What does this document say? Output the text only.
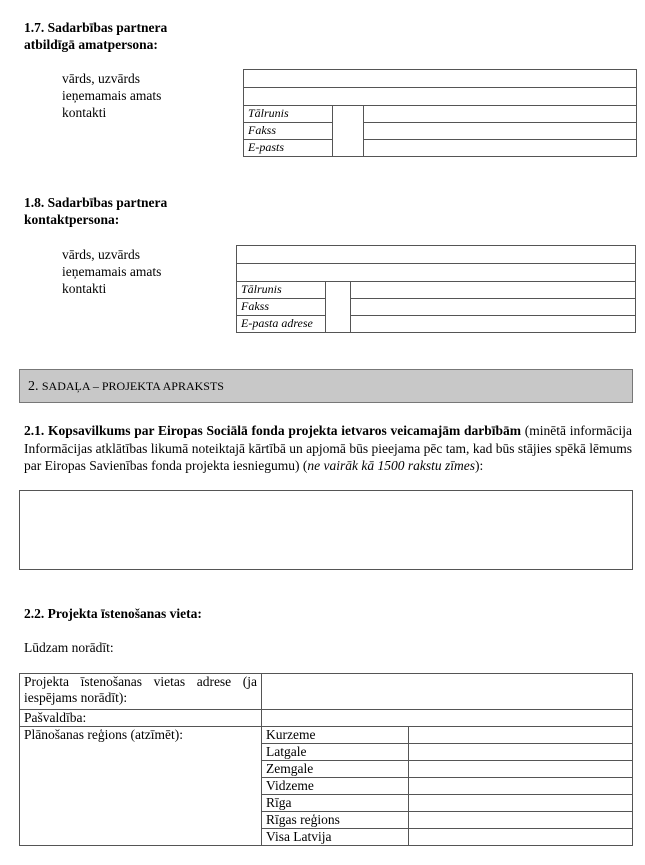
1.7. Sadarbības partnera
atbildīgā amatpersona:
vārds, uzvārds
ieņemamais amats
kontakti	Tālrunis		
Fakss		
E-pasts		
1.8. Sadarbības partnera
kontaktpersona:
vārds, uzvārds
ieņemamais amats
kontakti	Tālrunis		
Fakss		
E-pasta adrese		
2. SADAĻA – PROJEKTA APRAKSTS
2.1. Kopsavilkums par Eiropas Sociālā fonda projekta ietvaros veicamajām darbībām (minētā informācija Informācijas atklātības likumā noteiktajā kārtībā un apjomā būs pieejama pēc tam, kad būs stājies spēkā lēmums par Eiropas Savienības fonda projekta iesniegumu) (ne vairāk kā 1500 rakstu zīmes):
2.2. Projekta īstenošanas vieta:
Lūdzam norādīt:
Projekta īstenošanas vietas adrese (ja iespējams norādīt):		
Pašvaldība:		
Plānošanas reģions (atzīmēt):	Kurzeme	
	Latgale	
	Zemgale	
	Vidzeme	
	Rīga	
	Rīgas reģions	
	Visa Latvija	
